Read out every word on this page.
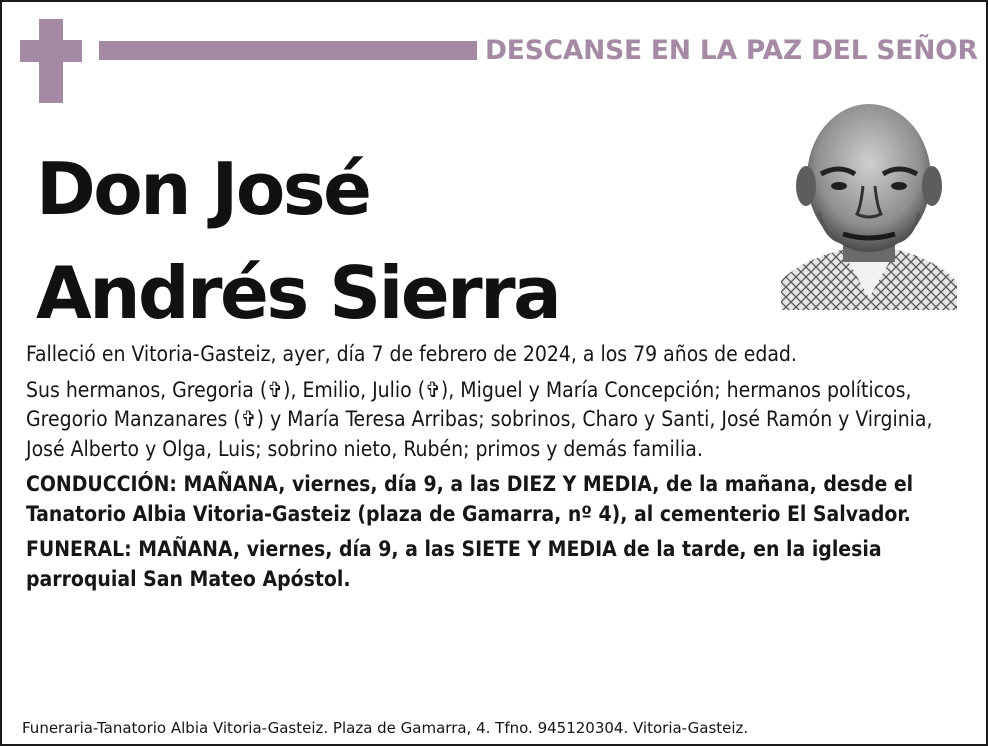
DESCANSE EN LA PAZ DEL SEÑOR
Don José
Andrés Sierra

Falleció en Vitoria-Gasteiz, ayer, día 7 de febrero de 2024, a los 79 años de edad.

Sus hermanos, Gregoria (✞), Emilio, Julio (✞), Miguel y María Concepción; hermanos políticos, Gregorio Manzanares (✞) y María Teresa Arribas; sobrinos, Charo y Santi, José Ramón y Virginia, José Alberto y Olga, Luis; sobrino nieto, Rubén; primos y demás familia.

CONDUCCIÓN: MAÑANA, viernes, día 9, a las DIEZ Y MEDIA, de la mañana, desde el Tanatorio Albia Vitoria-Gasteiz (plaza de Gamarra, nº 4), al cementerio El Salvador.

FUNERAL: MAÑANA, viernes, día 9, a las SIETE Y MEDIA de la tarde, en la iglesia parroquial San Mateo Apóstol.

Funeraria-Tanatorio Albia Vitoria-Gasteiz. Plaza de Gamarra, 4. Tfno. 945120304. Vitoria-Gasteiz.
